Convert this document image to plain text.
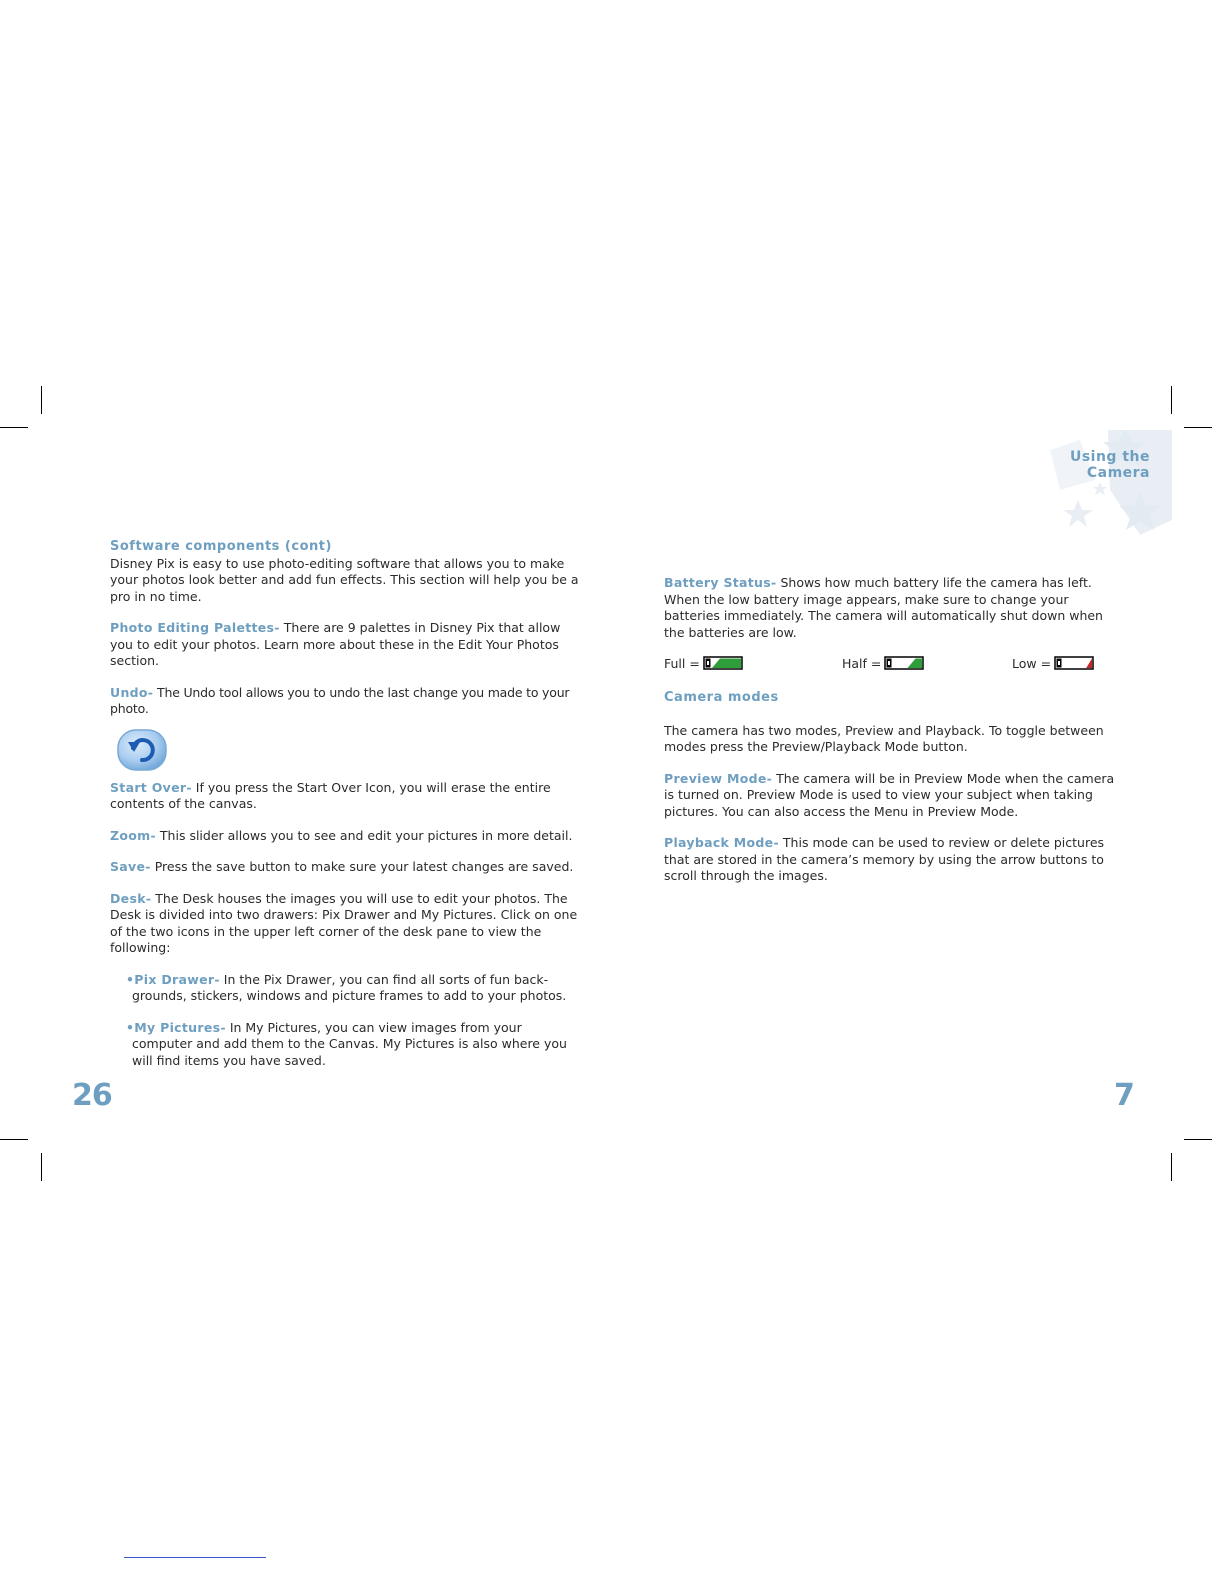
Using the
Camera
Software components (cont)

Disney Pix is easy to use photo-editing software that allows you to make your photos look better and add fun effects. This section will help you be a pro in no time.

Photo Editing Palettes- There are 9 palettes in Disney Pix that allow you to edit your photos. Learn more about these in the Edit Your Photos section.

Undo- The Undo tool allows you to undo the last change you made to your photo.

Start Over- If you press the Start Over Icon, you will erase the entire contents of the canvas.

Zoom- This slider allows you to see and edit your pictures in more detail.

Save- Press the save button to make sure your latest changes are saved.

Desk- The Desk houses the images you will use to edit your photos. The Desk is divided into two drawers: Pix Drawer and My Pictures. Click on one of the two icons in the upper left corner of the desk pane to view the following:

•Pix Drawer- In the Pix Drawer, you can find all sorts of fun back-grounds, stickers, windows and picture frames to add to your photos.
•My Pictures- In My Pictures, you can view images from your computer and add them to the Canvas. My Pictures is also where you will find items you have saved.
26

Battery Status- Shows how much battery life the camera has left. When the low battery image appears, make sure to change your batteries immediately. The camera will automatically shut down when the batteries are low.

Full =	Half =	Low =
Camera modes

The camera has two modes, Preview and Playback. To toggle between modes press the Preview/Playback Mode button.

Preview Mode- The camera will be in Preview Mode when the camera is turned on. Preview Mode is used to view your subject when taking pictures. You can also access the Menu in Preview Mode.

Playback Mode- This mode can be used to review or delete pictures that are stored in the camera’s memory by using the arrow buttons to scroll through the images.

7
